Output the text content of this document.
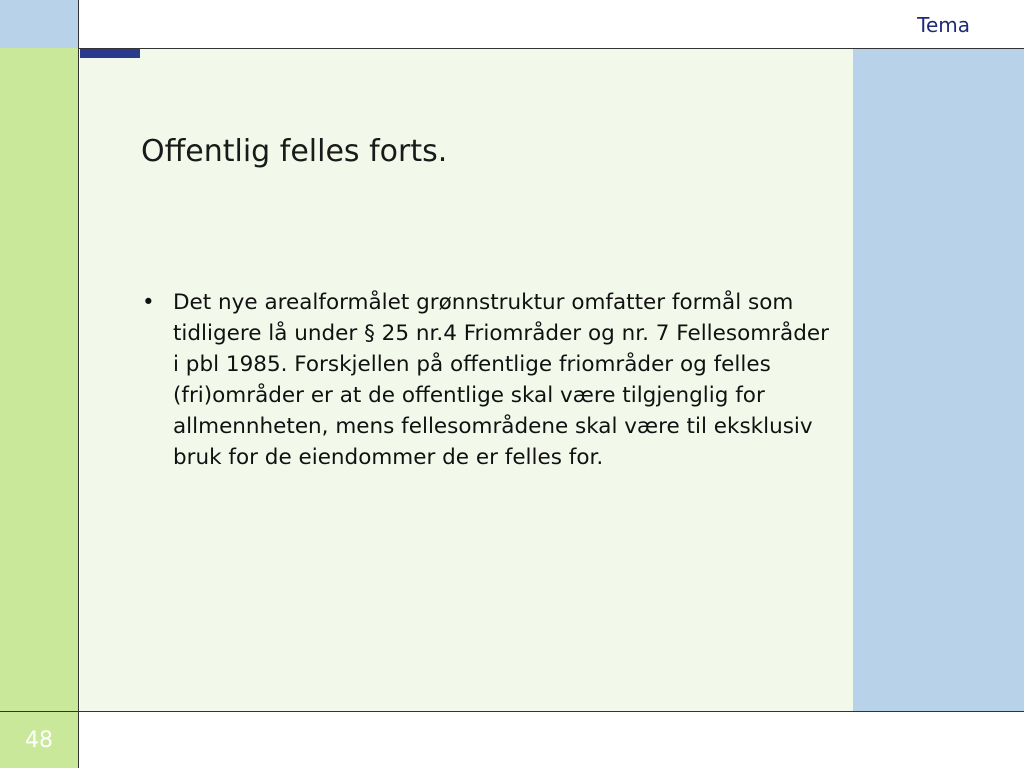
Tema
Offentlig felles forts.
• Det nye arealformålet grønnstruktur omfatter formål som tidligere lå under § 25 nr.4 Friområder og nr. 7 Fellesområder i pbl 1985. Forskjellen på offentlige friområder og felles (fri)områder er at de offentlige skal være tilgjenglig for allmennheten, mens fellesområdene skal være til eksklusiv bruk for de eiendommer de er felles for.
48
